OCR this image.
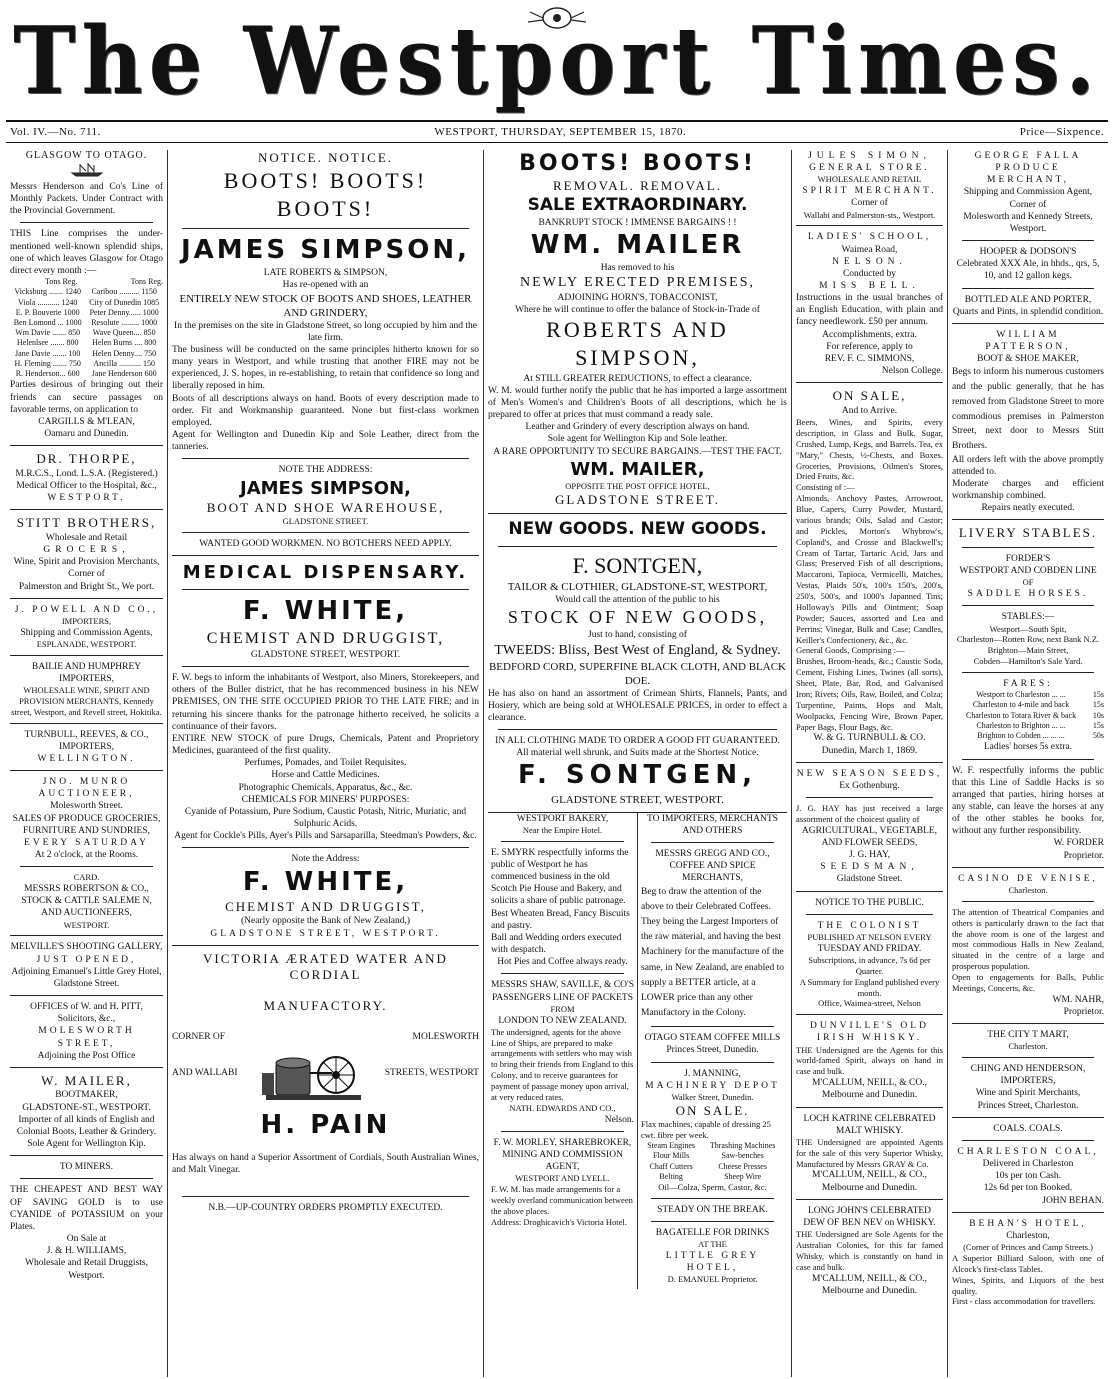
The Westport Times.
Vol. IV.—No. 711.	WESTPORT, THURSDAY, SEPTEMBER 15, 1870.	Price—Sixpence.
GLASGOW TO OTAGO.
Messrs Henderson and Co's Line of Monthly Packets. Under Contract with the Provincial Government.
THIS Line comprises the under-mentioned well-known splendid ships, one of which leaves Glasgow for Otago direct every month :—
Tons Reg.	Tons Reg.
Vicksburg ....... 1240	Caribou .......... 1150
Viola ........... 1240	City of Dunedin 1085
E. P. Bouverie 1000	Peter Denny...... 1000
Ben Lomond ... 1000	Resolute ......... 1000
Wm Davie ....... 850	Wave Queen.... 850
Helenlsee ....... 800	Helen Burns .... 800
Jane Davie ....... 100	Helen Denny.... 750
H. Fleming ....... 750	Ancilla ........... 150
R. Henderson... 600	Jane Henderson 600
Parties desirous of bringing out their friends can secure passages on favorable terms, on application to
CARGILLS & M'LEAN,
Oamaru and Dunedin.
DR. THORPE,
M.R.C.S., Lond. L.S.A. (Registered.) Medical Officer to the Hospital, &c.,
WESTPORT.
STITT BROTHERS,
Wholesale and Retail
GROCERS,
Wine, Spirit and Provision Merchants, Corner of
Palmerston and Bright St., We port.
J. POWELL AND CO.,
IMPORTERS,
Shipping and Commission Agents,
ESPLANADE, WESTPORT.
BAILIE AND HUMPHREY IMPORTERS,
WHOLESALE WINE, SPIRIT AND PROVISION MERCHANTS, Kennedy street, Westport, and Revell street, Hokitika.
TURNBULL, REEVES, & CO.,
IMPORTERS,
WELLINGTON.
JNO. MUNRO
AUCTIONEER,
Molesworth Street.
SALES OF PRODUCE GROCERIES, FURNITURE AND SUNDRIES,
EVERY SATURDAY
At 2 o'clock, at the Rooms.
CARD.
MESSRS ROBERTSON & CO.,
STOCK & CATTLE SALEME N,
AND AUCTIONEERS,
WESTPORT.
MELVILLE'S SHOOTING GALLERY,
JUST OPENED,
Adjoining Emanuel's Little Grey Hotel, Gladstone Street.
OFFICES of W. and H. PITT,
Solicitors, &c.,
MOLESWORTH STREET,
Adjoining the Post Office
W. MAILER,
BOOTMAKER,
GLADSTONE-ST., WESTPORT.
Importer of all kinds of English and
Colonial Boots, Leather & Grindery.
Sole Agent for Wellington Kip.
TO MINERS.
THE CHEAPEST AND BEST WAY OF SAVING GOLD is to use CYANIDE of POTASSIUM on your Plates.
On Sale at
J. & H. WILLIAMS,
Wholesale and Retail Druggists,
Westport.
NOTICE. NOTICE.
BOOTS! BOOTS! BOOTS!
JAMES SIMPSON,
LATE ROBERTS & SIMPSON,
Has re-opened with an
ENTIRELY NEW STOCK OF BOOTS AND SHOES, LEATHER AND GRINDERY,
In the premises on the site in Gladstone Street, so long occupied by him and the late firm.
The business will be conducted on the same principles hitherto known for so many years in Westport, and while trusting that another FIRE may not be experienced, J. S. hopes, in re-establishing, to retain that confidence so long and liberally reposed in him.
Boots of all descriptions always on hand. Boots of every description made to order. Fit and Workmanship guaranteed. None but first-class workmen employed.
Agent for Wellington and Dunedin Kip and Sole Leather, direct from the tanneries.
NOTE THE ADDRESS:
JAMES SIMPSON,
BOOT AND SHOE WAREHOUSE,
GLADSTONE STREET.
WANTED GOOD WORKMEN. NO BOTCHERS NEED APPLY.
MEDICAL DISPENSARY.
F. WHITE,
CHEMIST AND DRUGGIST,
GLADSTONE STREET, WESTPORT.
F. W. begs to inform the inhabitants of Westport, also Miners, Storekeepers, and others of the Buller district, that he has recommenced business in his NEW PREMISES, ON THE SITE OCCUPIED PRIOR TO THE LATE FIRE; and in returning his sincere thanks for the patronage hitherto received, he solicits a continuance of their favors.
ENTIRE NEW STOCK of pure Drugs, Chemicals, Patent and Proprietory Medicines, guaranteed of the first quality.
Perfumes, Pomades, and Toilet Requisites.
Horse and Cattle Medicines.
Photographic Chemicals, Apparatus, &c., &c.
CHEMICALS FOR MINERS' PURPOSES:
Cyanide of Potassium, Pure Sodium, Caustic Potash, Nitric, Muriatic, and Sulphuric Acids.
Agent for Cockle's Pills, Ayer's Pills and Sarsaparilla, Steedman's Powders, &c.
Note the Address:
F. WHITE,
CHEMIST AND DRUGGIST,
(Nearly opposite the Bank of New Zealand,)
GLADSTONE STREET, WESTPORT.
VICTORIA ÆRATED WATER AND CORDIAL
MANUFACTORY.
CORNER OF	MOLESWORTH
AND WALLABI	STREETS, WESTPORT
H. PAIN
Has always on hand a Superior Assortment of Cordials, South Australian Wines, and Malt Vinegar.
N.B.—UP-COUNTRY ORDERS PROMPTLY EXECUTED.
BOOTS! BOOTS!
REMOVAL. REMOVAL.
SALE EXTRAORDINARY.
BANKRUPT STOCK ! IMMENSE BARGAINS ! !
WM. MAILER
Has removed to his
NEWLY ERECTED PREMISES,
ADJOINING HORN'S, TOBACCONIST,
Where he will continue to offer the balance of Stock-in-Trade of
ROBERTS AND SIMPSON,
At STILL GREATER REDUCTIONS, to effect a clearance.
W. M. would further notify the public that he has imported a large assortment of Men's Women's and Children's Boots of all descriptions, which he is prepared to offer at prices that must command a ready sale.
Leather and Grindery of every description always on hand.
Sole agent for Wellington Kip and Sole leather.
A RARE OPPORTUNITY TO SECURE BARGAINS.—TEST THE FACT.
WM. MAILER,
OPPOSITE THE POST OFFICE HOTEL,
GLADSTONE STREET.
NEW GOODS. NEW GOODS.
F. SONTGEN,
TAILOR & CLOTHIER, GLADSTONE-ST, WESTPORT,
Would call the attention of the public to his
STOCK OF NEW GOODS,
Just to hand, consisting of
TWEEDS: Bliss, Best West of England, & Sydney.
BEDFORD CORD, SUPERFINE BLACK CLOTH, AND BLACK DOE.
He has also on hand an assortment of Crimean Shirts, Flannels, Pants, and Hosiery, which are being sold at WHOLESALE PRICES, in order to effect a clearance.
IN ALL CLOTHING MADE TO ORDER A GOOD FIT GUARANTEED.
All material well shrunk, and Suits made at the Shortest Notice.
F. SONTGEN,
GLADSTONE STREET, WESTPORT.
WESTPORT BAKERY,
Near the Empire Hotel.
E. SMYRK respectfully informs the public of Westport he has commenced business in the old Scotch Pie House and Bakery, and solicits a share of public patronage.
Best Wheaten Bread, Fancy Biscuits and pastry.
Ball and Wedding orders executed with despatch.
Hot Pies and Coffee always ready.
MESSRS SHAW, SAVILLE, & CO'S PASSENGERS LINE OF PACKETS
FROM
LONDON TO NEW ZEALAND.
The undersigned, agents for the above Line of Ships, are prepared to make arrangements with settlers who may wish to bring their friends from England to this Colony, and to receive guarantees for payment of passage money upon arrival, at very reduced rates.
NATH. EDWARDS AND CO.,
Nelson.
F. W. MORLEY, SHAREBROKER,
MINING AND COMMISSION AGENT,
WESTPORT AND LYELL.
F. W. M. has made arrangements for a weekly overland communication between the above places.
Address: Droghicavich's Victoria Hotel.
TO IMPORTERS, MERCHANTS AND OTHERS
MESSRS GREGG AND CO., COFFEE AND SPICE MERCHANTS,
Beg to draw the attention of the above to their Celebrated Coffees. They being the Largest Importers of the raw material, and having the best Machinery for the manufacture of the same, in New Zealand, are enabled to supply a BETTER article, at a LOWER price than any other Manufactory in the Colony.
OTAGO STEAM COFFEE MILLS
Princes Street, Dunedin.
J. MANNING,
MACHINERY DEPOT
Walker Street, Dunedin.
ON SALE.
Flax machines, capable of dressing 25 cwt. fibre per week.
Steam Engines	Thrashing Machines
Flour Mills	Saw-benches
Chaff Cutters	Cheese Presses
Belting	Sheep Wire
Oil—Colza, Sperm, Castor, &c.
STEADY ON THE BREAK.
BAGATELLE FOR DRINKS
AT THE
LITTLE GREY HOTEL,
D. EMANUEL Proprietor.
JULES SIMON,
GENERAL STORE.
WHOLESALE AND RETAIL
SPIRIT MERCHANT.
Corner of
Wallabi and Palmerston-sts., Westport.
LADIES' SCHOOL,
Waimea Road,
NELSON.
Conducted by
MISS BELL.
Instructions in the usual branches of an English Education, with plain and fancy needlework. £50 per annum.
Accomplishments, extra.
For reference, apply to
REV. F. C. SIMMONS,
Nelson College.
ON SALE,
And to Arrive.
Beers, Wines, and Spirits, every description, in Glass and Bulk. Sugar, Crushed, Lump, Kegs, and Barrels. Tea, ex "Mary," Chests, ½-Chests, and Boxes. Groceries, Provisions, Oilmen's Stores, Dried Fruits, &c.
Consisting of :—
Almonds, Anchovy Pastes, Arrowroot, Blue, Capers, Curry Powder, Mustard, various brands; Oils, Salad and Castor; and Pickles, Morton's Whybrow's, Copland's, and Crosse and Blackwell's; Cream of Tartar, Tartaric Acid, Jars and Glass; Preserved Fish of all descriptions, Maccaroni, Tapioca, Vermicelli, Matches, Vestas, Plaids 50's, 100's 150's, 200's, 250's, 500's, and 1000's Japanned Tins; Holloway's Pills and Ointment; Soap Powder; Sauces, assorted and Lea and Perrins; Vinegar, Bulk and Case; Candles, Keiller's Confectionery, &c., &c.
General Goods, Comprising :—
Brushes, Broom-heads, &c.; Caustic Soda, Cement, Fishing Lines, Twines (all sorts), Sheet, Plate, Bar, Rod, and Galvanised Iron; Rivets; Oils, Raw, Boiled, and Colza; Turpentine, Paints, Hops and Malt, Woolpacks, Fencing Wire, Brown Paper, Paper Bags, Flour Bags, &c.
W. & G. TURNBULL & CO.
Dunedin, March 1, 1869.
NEW SEASON SEEDS,
Ex Gothenburg.
J. G. HAY has just received a large assortment of the choicest quality of
AGRICULTURAL, VEGETABLE, AND FLOWER SEEDS,
J. G. HAY,
SEEDSMAN,
Gladstone Street.
NOTICE TO THE PUBLIC.
THE COLONIST
PUBLISHED AT NELSON EVERY
TUESDAY AND FRIDAY.
Subscriptions, in advance, 7s 6d per Quarter.
A Summary for England published every month.
Office, Waimea-street, Nelson
DUNVILLE'S OLD IRISH WHISKY.
THE Undersigned are the Agents for this world-famed Spirit, always on hand in case and bulk.
M'CALLUM, NEILL, & CO.,
Melbourne and Dunedin.
LOCH KATRINE CELEBRATED MALT WHISKY.
THE Undersigned are appointed Agents for the sale of this very Superior Whisky, Manufactured by Messrs GRAY & Co.
M'CALLUM, NEILL, & CO.,
Melbourne and Dunedin.
LONG JOHN'S CELEBRATED DEW OF BEN NEV on WHISKY.
THE Undersigned are Sole Agents for the Australian Colonies, for this far famed Whisky, which is constantly on hand in case and bulk.
M'CALLUM, NEILL, & CO.,
Melbourne and Dunedin.
GEORGE FALLA PRODUCE MERCHANT,
Shipping and Commission Agent, Corner of
Molesworth and Kennedy Streets, Westport.
HOOPER & DODSON'S
Celebrated XXX Ale, in hhds., qrs, 5, 10, and 12 gallon kegs.
BOTTLED ALE AND PORTER,
Quarts and Pints, in splendid condition.
WILLIAM PATTERSON,
BOOT & SHOE MAKER,
Begs to inform his numerous customers and the public generally, that he has removed from Gladstone Street to more commodious premises in Palmerston Street, next door to Messrs Stitt Brothers.
All orders left with the above promptly attended to.
Moderate charges and efficient workmanship combined.
Repairs neatly executed.
LIVERY STABLES.
FORDER'S
WESTPORT AND COBDEN LINE
OF
SADDLE HORSES.
STABLES:—
Westport—South Spit,
Charleston—Rotten Row, next Bank N.Z.
Brighton—Main Street,
Cobden—Hamilton's Sale Yard.
FARES:
Westport to Charleston ... ...	15s
Charleston to 4-mile and back	15s
Charleston to Totara River & back	10s
Charleston to Brighton ... ...	15s
Brighton to Cobden ... ... ...	50s
Ladies' horses 5s extra.
W. F. respectfully informs the public that this Line of Saddle Hacks is so arranged that parties, hiring horses at any stable, can leave the horses at any of the other stables he books for, without any further responsibility.
W. FORDER
Proprietor.
CASINO DE VENISE,
Charleston.
The attention of Theatrical Companies and others is particularly drawn to the fact that the above room is one of the largest and most commodious Halls in New Zealand, situated in the centre of a large and prosperous population.
Open to engagements for Balls, Public Meetings, Concerts, &c.
WM. NAHR,
Proprietor.
THE CITY T MART,
Charleston.
CHING AND HENDERSON, IMPORTERS,
Wine and Spirit Merchants,
Princes Street, Charleston.
COALS. COALS.
CHARLESTON COAL,
Delivered in Charleston
10s per ton Cash.
12s 6d per ton Booked.
JOHN BEHAN.
BEHAN'S HOTEL,
Charleston,
(Corner of Princes and Camp Streets.)
A Superior Billiard Saloon, with one of Alcock's first-class Tables.
Wines, Spirits, and Liquors of the best quality.
First - class accommodation for travellers.
